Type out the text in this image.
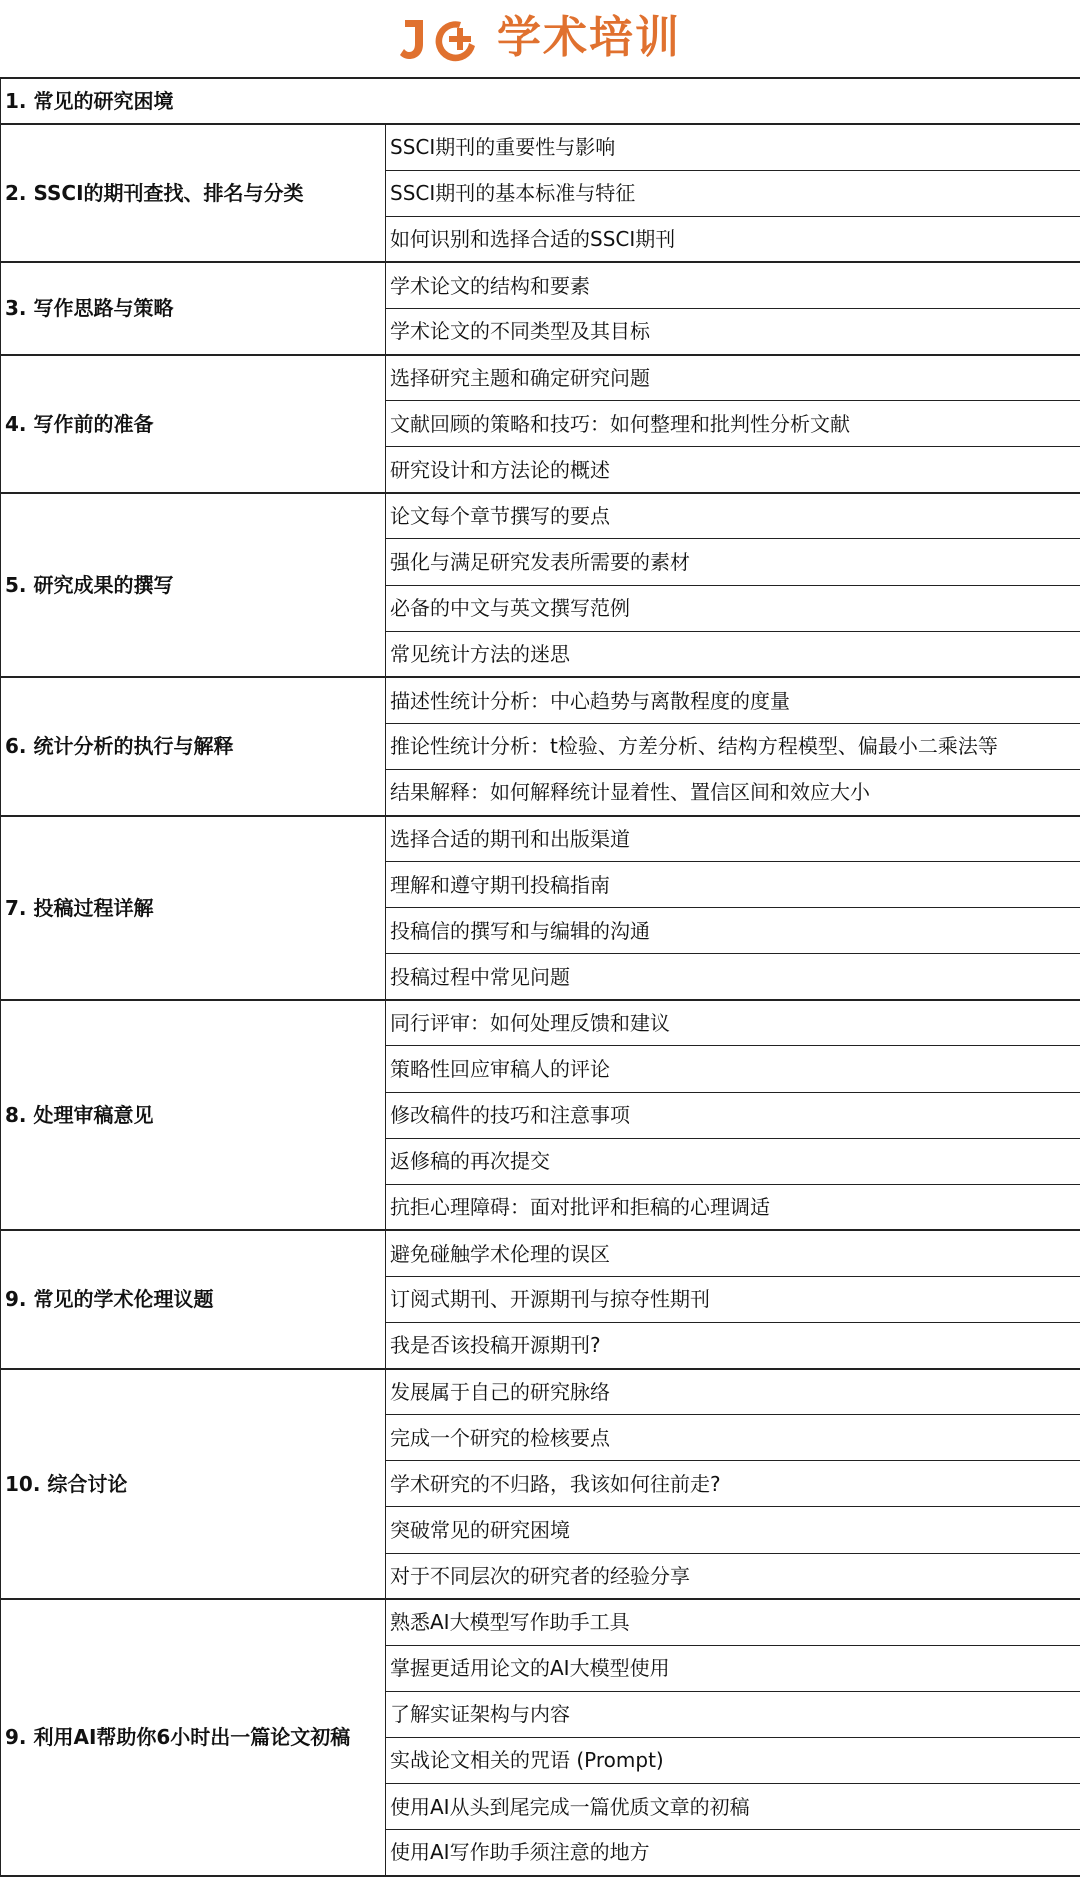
学术培训
1. 常见的研究困境	
2. SSCI的期刊查找、排名与分类	SSCI期刊的重要性与影响
	SSCI期刊的基本标准与特征
	如何识别和选择合适的SSCI期刊
3. 写作思路与策略	学术论文的结构和要素
	学术论文的不同类型及其目标
4. 写作前的准备	选择研究主题和确定研究问题
	文献回顾的策略和技巧：如何整理和批判性分析文献
	研究设计和方法论的概述
5. 研究成果的撰写	论文每个章节撰写的要点
	强化与满足研究发表所需要的素材
	必备的中文与英文撰写范例
	常见统计方法的迷思
6. 统计分析的执行与解释	描述性统计分析：中心趋势与离散程度的度量
	推论性统计分析：t检验、方差分析、结构方程模型、偏最小二乘法等
	结果解释：如何解释统计显着性、置信区间和效应大小
7. 投稿过程详解	选择合适的期刊和出版渠道
	理解和遵守期刊投稿指南
	投稿信的撰写和与编辑的沟通
	投稿过程中常见问题
8. 处理审稿意见	同行评审：如何处理反馈和建议
	策略性回应审稿人的评论
	修改稿件的技巧和注意事项
	返修稿的再次提交
	抗拒心理障碍：面对批评和拒稿的心理调适
9. 常见的学术伦理议题	避免碰触学术伦理的误区
	订阅式期刊、开源期刊与掠夺性期刊
	我是否该投稿开源期刊?
10. 综合讨论	发展属于自己的研究脉络
	完成一个研究的检核要点
	学术研究的不归路，我该如何往前走?
	突破常见的研究困境
	对于不同层次的研究者的经验分享
9. 利用AI帮助你6小时出一篇论文初稿	熟悉AI大模型写作助手工具
	掌握更适用论文的AI大模型使用
	了解实证架构与内容
	实战论文相关的咒语 (Prompt)
	使用AI从头到尾完成一篇优质文章的初稿
	使用AI写作助手须注意的地方
